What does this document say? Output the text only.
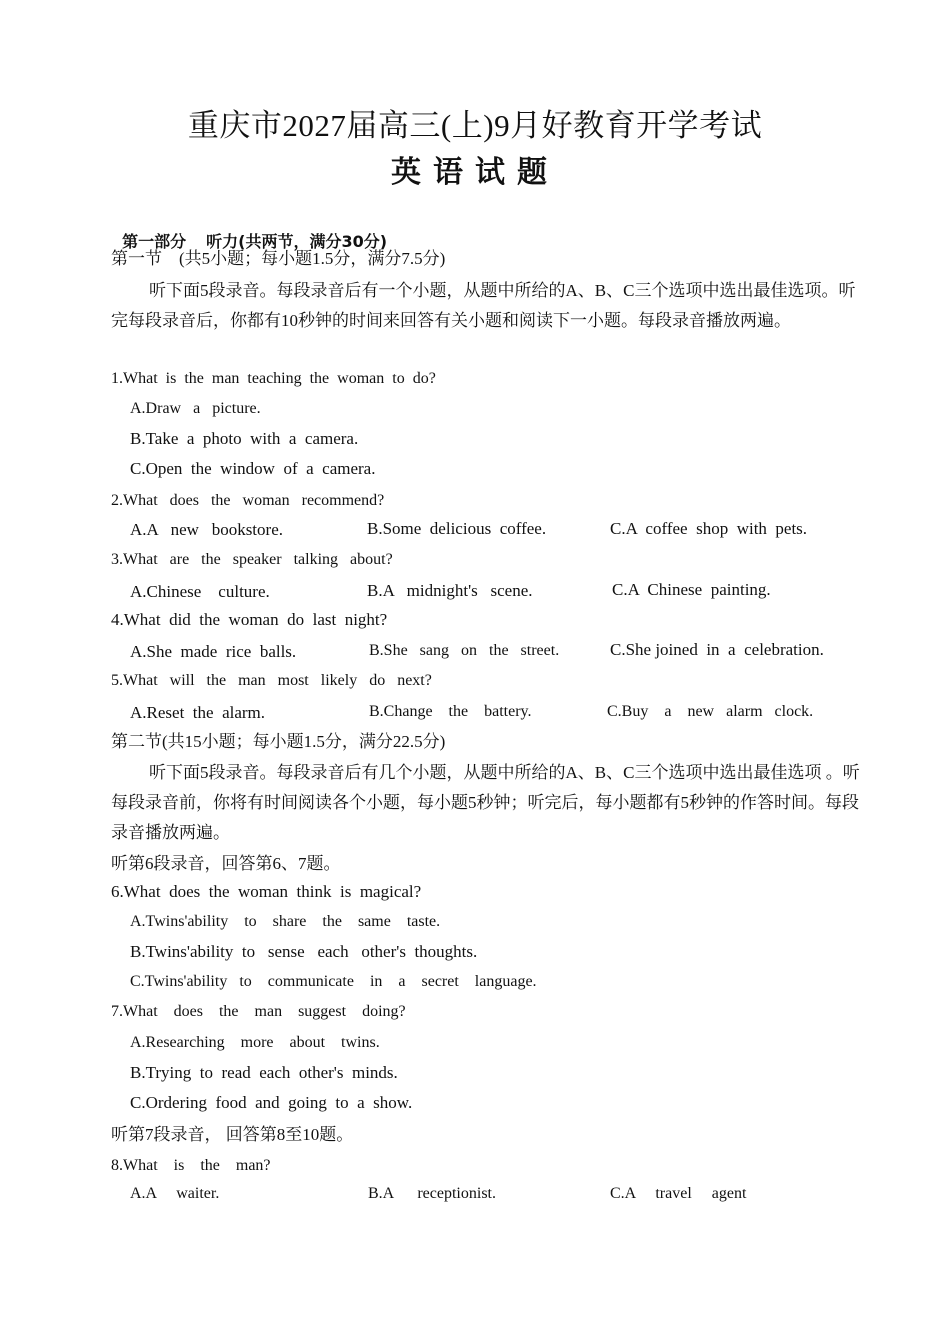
重庆市2027届高三(上)9月好教育开学考试
英语试题

第一部分 听力(共两节，满分30分)

第一节　(共5小题；每小题1.5分，满分7.5分)
听下面5段录音。每段录音后有一个小题，从题中所给的A、B、C三个选项中选出最佳选项。听完每段录音后，你都有10秒钟的时间来回答有关小题和阅读下一小题。每段录音播放两遍。
1.What  is  the  man  teaching  the  woman  to  do?
A.Draw   a   picture.
B.Take  a  photo  with  a  camera.
C.Open  the  window  of  a  camera.
2.What   does   the   woman   recommend?
A.A   new   bookstore.	B.Some  delicious  coffee.	C.A  coffee  shop  with  pets.
3.What   are   the   speaker   talking   about?
A.Chinese    culture.	B.A   midnight's   scene.	C.A  Chinese  painting.
4.What  did  the  woman  do  last  night?
A.She  made  rice  balls.	B.She   sang   on   the   street.	C.She joined  in  a  celebration.
5.What   will   the   man   most   likely   do   next?
A.Reset  the  alarm.	B.Change    the    battery.	C.Buy    a    new   alarm   clock.
第二节(共15小题；每小题1.5分，满分22.5分)
听下面5段录音。每段录音后有几个小题，从题中所给的A、B、C三个选项中选出最佳选项 。听每段录音前，你将有时间阅读各个小题，每小题5秒钟；听完后，每小题都有5秒钟的作答时间。每段录音播放两遍。
听第6段录音，回答第6、7题。
6.What  does  the  woman  think  is  magical?
A.Twins'ability    to    share    the    same    taste.
B.Twins'ability  to   sense   each   other's  thoughts.
C.Twins'ability   to    communicate    in    a    secret    language.
7.What    does    the    man    suggest    doing?
A.Researching    more    about    twins.
B.Trying  to  read  each  other's  minds.
C.Ordering  food  and  going  to  a  show.
听第7段录音， 回答第8至10题。
8.What    is    the    man?
A.A     waiter.	B.A      receptionist.	C.A     travel     agent
